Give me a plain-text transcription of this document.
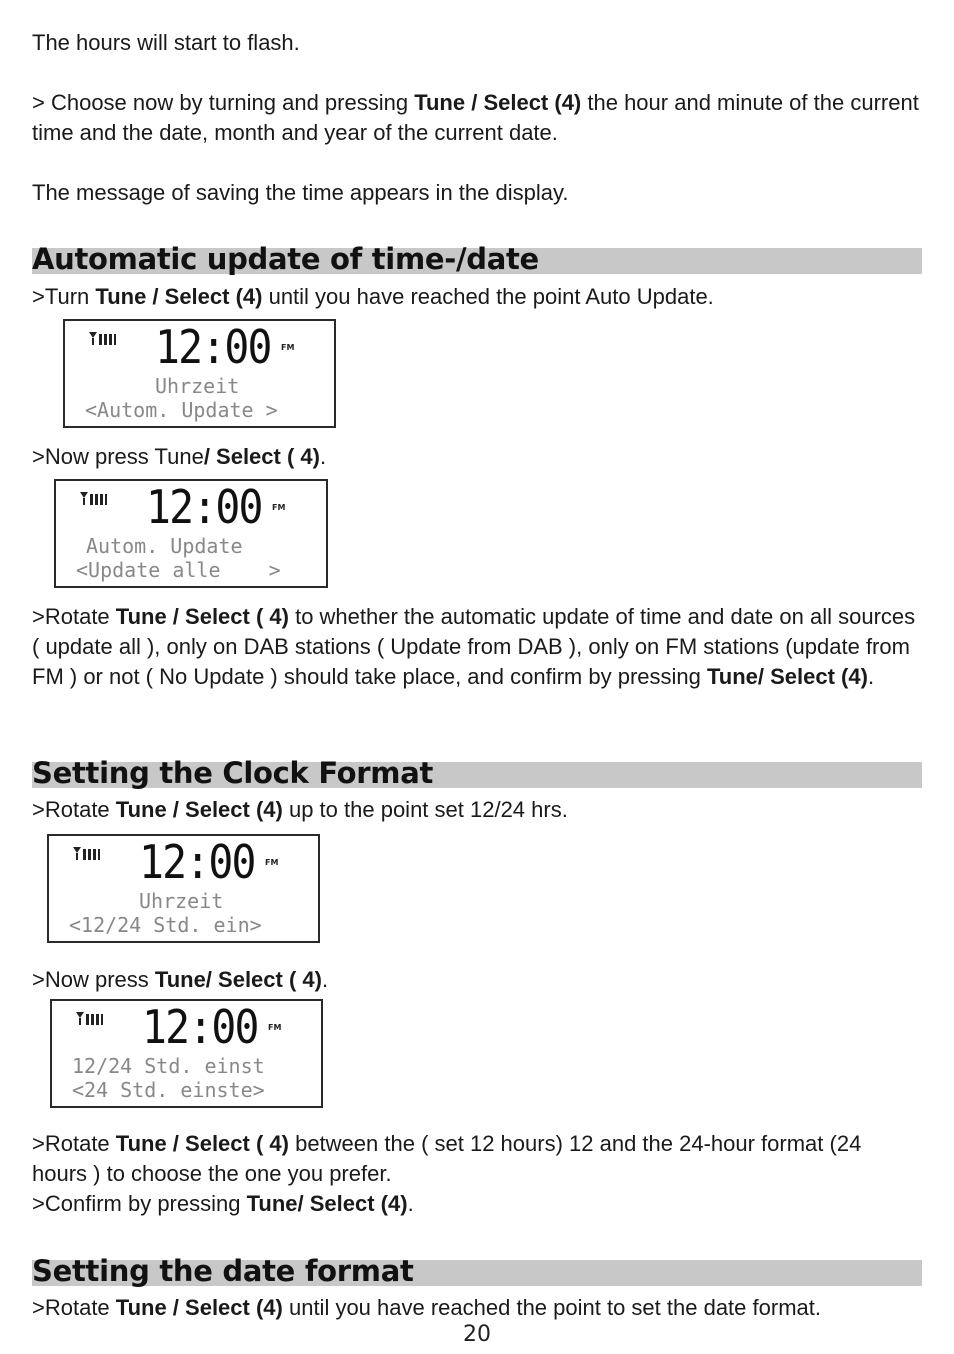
The hours will start to flash.

> Choose now by turning and pressing Tune / Select (4) the hour and minute of the current time and the date, month and year of the current date.

The message of saving the time appears in the display.

Automatic update of time-/date

>Turn Tune / Select (4) until you have reached the point Auto Update.

12:00 FM
Uhrzeit
<Autom. Update >

>Now press Tune/ Select ( 4).

12:00 FM
Autom. Update
<Update alle    >

>Rotate Tune / Select ( 4) to whether the automatic update of time and date on all sources ( update all ), only on DAB stations ( Update from DAB ), only on FM stations (update from FM ) or not ( No Update ) should take place, and confirm by pressing Tune/ Select (4).

Setting the Clock Format

>Rotate Tune / Select (4) up to the point set 12/24 hrs.

12:00 FM
Uhrzeit
<12/24 Std. ein>

>Now press Tune/ Select ( 4).

12:00 FM
12/24 Std. einst
<24 Std. einste>

>Rotate Tune / Select ( 4) between the ( set 12 hours) 12 and the 24-hour format (24 hours ) to choose the one you prefer.

>Confirm by pressing Tune/ Select (4).

Setting the date format

>Rotate Tune / Select (4) until you have reached the point to set the date format.

20
